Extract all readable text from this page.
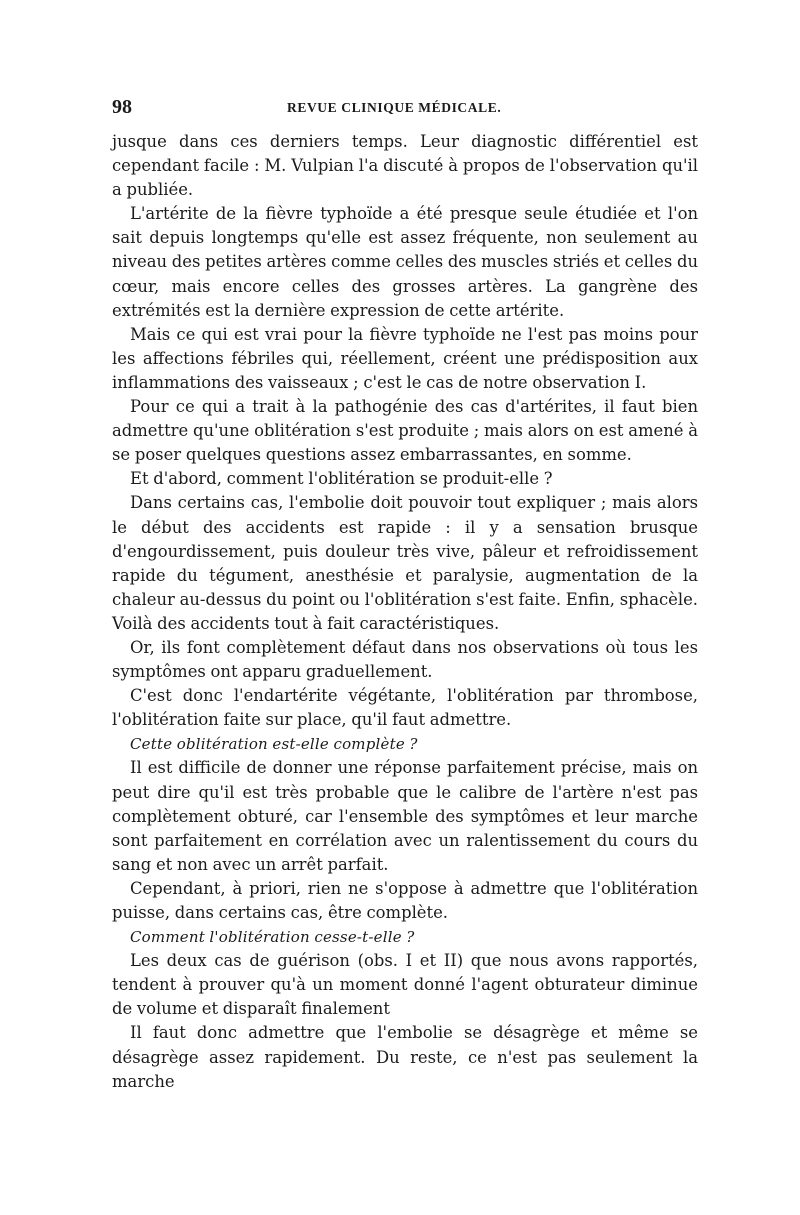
98	REVUE CLINIQUE MÉDICALE.

jusque dans ces derniers temps. Leur diagnostic différentiel est cependant facile : M. Vulpian l'a discuté à propos de l'observation qu'il a publiée.

L'artérite de la fièvre typhoïde a été presque seule étudiée et l'on sait depuis longtemps qu'elle est assez fréquente, non seulement au niveau des petites artères comme celles des muscles striés et celles du cœur, mais encore celles des grosses artères. La gangrène des extrémités est la dernière expression de cette artérite.

Mais ce qui est vrai pour la fièvre typhoïde ne l'est pas moins pour les affections fébriles qui, réellement, créent une prédisposition aux inflammations des vaisseaux ; c'est le cas de notre observation I.

Pour ce qui a trait à la pathogénie des cas d'artérites, il faut bien admettre qu'une oblitération s'est produite ; mais alors on est amené à se poser quelques questions assez embarrassantes, en somme.

Et d'abord, comment l'oblitération se produit-elle ?

Dans certains cas, l'embolie doit pouvoir tout expliquer ; mais alors le début des accidents est rapide : il y a sensation brusque d'engourdissement, puis douleur très vive, pâleur et refroidissement rapide du tégument, anesthésie et paralysie, augmentation de la chaleur au-dessus du point ou l'oblitération s'est faite. Enfin, sphacèle. Voilà des accidents tout à fait caractéristiques.

Or, ils font complètement défaut dans nos observations où tous les symptômes ont apparu graduellement.

C'est donc l'endartérite végétante, l'oblitération par thrombose, l'oblitération faite sur place, qu'il faut admettre.

Cette oblitération est-elle complète ?

Il est difficile de donner une réponse parfaitement précise, mais on peut dire qu'il est très probable que le calibre de l'artère n'est pas complètement obturé, car l'ensemble des symptômes et leur marche sont parfaitement en corrélation avec un ralentissement du cours du sang et non avec un arrêt parfait.

Cependant, à priori, rien ne s'oppose à admettre que l'oblitération puisse, dans certains cas, être complète.

Comment l'oblitération cesse-t-elle ?

Les deux cas de guérison (obs. I et II) que nous avons rapportés, tendent à prouver qu'à un moment donné l'agent obturateur diminue de volume et disparaît finalement

Il faut donc admettre que l'embolie se désagrège et même se désagrège assez rapidement. Du reste, ce n'est pas seulement la marche
